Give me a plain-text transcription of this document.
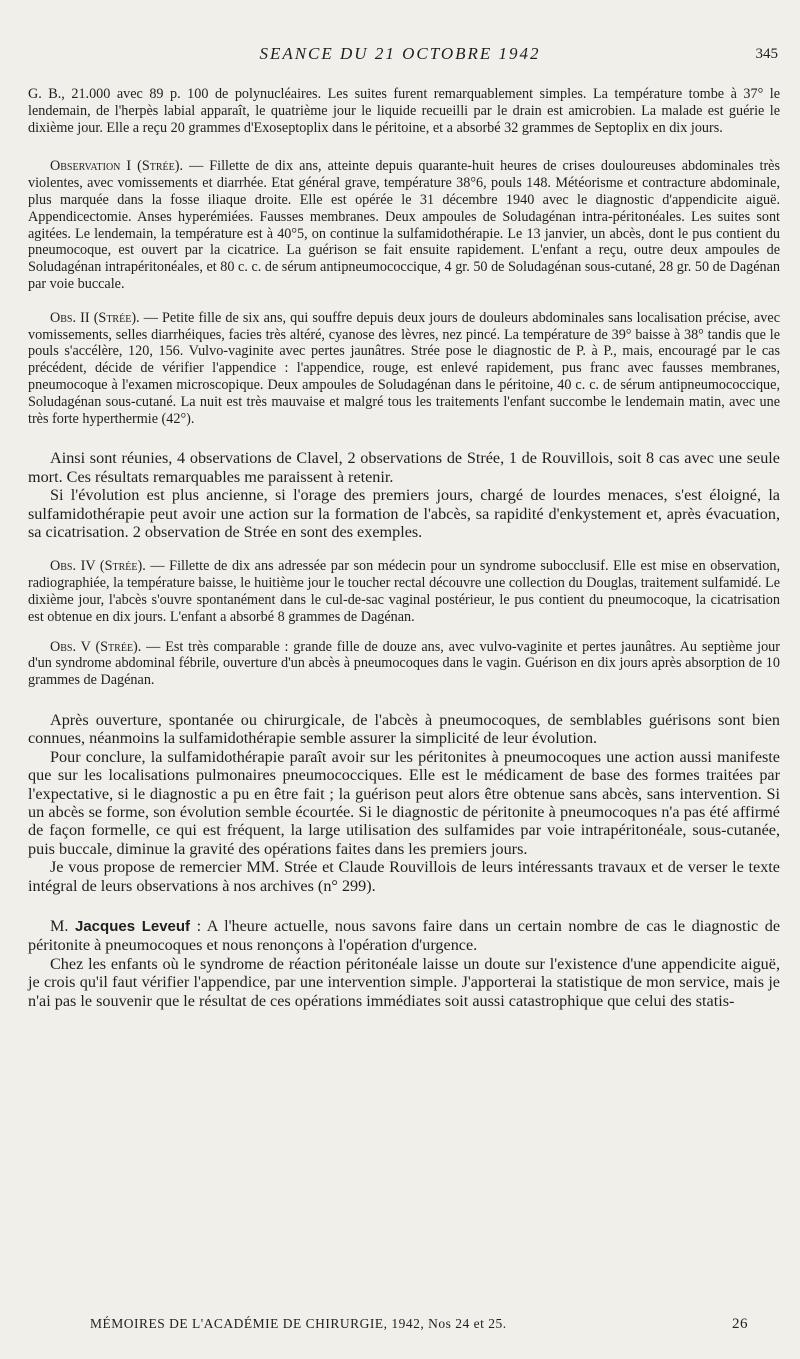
SEANCE DU 21 OCTOBRE 1942	345

G. B., 21.000 avec 89 p. 100 de polynucléaires. Les suites furent remarquablement simples. La température tombe à 37° le lendemain, de l'herpès labial apparaît, le quatrième jour le liquide recueilli par le drain est amicrobien. La malade est guérie le dixième jour. Elle a reçu 20 grammes d'Exoseptoplix dans le péritoine, et a absorbé 32 grammes de Septoplix en dix jours.

Observation I (Strée). — Fillette de dix ans, atteinte depuis quarante-huit heures de crises douloureuses abdominales très violentes, avec vomissements et diarrhée. Etat général grave, température 38°6, pouls 148. Météorisme et contracture abdominale, plus marquée dans la fosse iliaque droite. Elle est opérée le 31 décembre 1940 avec le diagnostic d'appendicite aiguë. Appendicectomie. Anses hyperémiées. Fausses membranes. Deux ampoules de Soludagénan intra-péritonéales. Les suites sont agitées. Le lendemain, la température est à 40°5, on continue la sulfamidothérapie. Le 13 janvier, un abcès, dont le pus contient du pneumocoque, est ouvert par la cicatrice. La guérison se fait ensuite rapidement. L'enfant a reçu, outre deux ampoules de Soludagénan intrapéritonéales, et 80 c. c. de sérum antipneumococcique, 4 gr. 50 de Soludagénan sous-cutané, 28 gr. 50 de Dagénan par voie buccale.

Obs. II (Strée). — Petite fille de six ans, qui souffre depuis deux jours de douleurs abdominales sans localisation précise, avec vomissements, selles diarrhéiques, facies très altéré, cyanose des lèvres, nez pincé. La température de 39° baisse à 38° tandis que le pouls s'accélère, 120, 156. Vulvo-vaginite avec pertes jaunâtres. Strée pose le diagnostic de P. à P., mais, encouragé par le cas précédent, décide de vérifier l'appendice : l'appendice, rouge, est enlevé rapidement, pus franc avec fausses membranes, pneumocoque à l'examen microscopique. Deux ampoules de Soludagénan dans le péritoine, 40 c. c. de sérum antipneumococcique, Soludagénan sous-cutané. La nuit est très mauvaise et malgré tous les traitements l'enfant succombe le lendemain matin, avec une très forte hyperthermie (42°).

Ainsi sont réunies, 4 observations de Clavel, 2 observations de Strée, 1 de Rouvillois, soit 8 cas avec une seule mort. Ces résultats remarquables me paraissent à retenir.

Si l'évolution est plus ancienne, si l'orage des premiers jours, chargé de lourdes menaces, s'est éloigné, la sulfamidothérapie peut avoir une action sur la formation de l'abcès, sa rapidité d'enkystement et, après évacuation, sa cicatrisation. 2 observation de Strée en sont des exemples.

Obs. IV (Strée). — Fillette de dix ans adressée par son médecin pour un syndrome subocclusif. Elle est mise en observation, radiographiée, la température baisse, le huitième jour le toucher rectal découvre une collection du Douglas, traitement sulfamidé. Le dixième jour, l'abcès s'ouvre spontanément dans le cul-de-sac vaginal postérieur, le pus contient du pneumocoque, la cicatrisation est obtenue en dix jours. L'enfant a absorbé 8 grammes de Dagénan.

Obs. V (Strée). — Est très comparable : grande fille de douze ans, avec vulvo-vaginite et pertes jaunâtres. Au septième jour d'un syndrome abdominal fébrile, ouverture d'un abcès à pneumocoques dans le vagin. Guérison en dix jours après absorption de 10 grammes de Dagénan.

Après ouverture, spontanée ou chirurgicale, de l'abcès à pneumocoques, de semblables guérisons sont bien connues, néanmoins la sulfamidothérapie semble assurer la simplicité de leur évolution.

Pour conclure, la sulfamidothérapie paraît avoir sur les péritonites à pneumocoques une action aussi manifeste que sur les localisations pulmonaires pneumococciques. Elle est le médicament de base des formes traitées par l'expectative, si le diagnostic a pu en être fait ; la guérison peut alors être obtenue sans abcès, sans intervention. Si un abcès se forme, son évolution semble écourtée. Si le diagnostic de péritonite à pneumocoques n'a pas été affirmé de façon formelle, ce qui est fréquent, la large utilisation des sulfamides par voie intrapéritonéale, sous-cutanée, puis buccale, diminue la gravité des opérations faites dans les premiers jours.

Je vous propose de remercier MM. Strée et Claude Rouvillois de leurs intéressants travaux et de verser le texte intégral de leurs observations à nos archives (n° 299).

M. Jacques Leveuf : A l'heure actuelle, nous savons faire dans un certain nombre de cas le diagnostic de péritonite à pneumocoques et nous renonçons à l'opération d'urgence.

Chez les enfants où le syndrome de réaction péritonéale laisse un doute sur l'existence d'une appendicite aiguë, je crois qu'il faut vérifier l'appendice, par une intervention simple. J'apporterai la statistique de mon service, mais je n'ai pas le souvenir que le résultat de ces opérations immédiates soit aussi catastrophique que celui des statis-

MÉMOIRES DE L'ACADÉMIE DE CHIRURGIE, 1942, Nos 24 et 25.	26
